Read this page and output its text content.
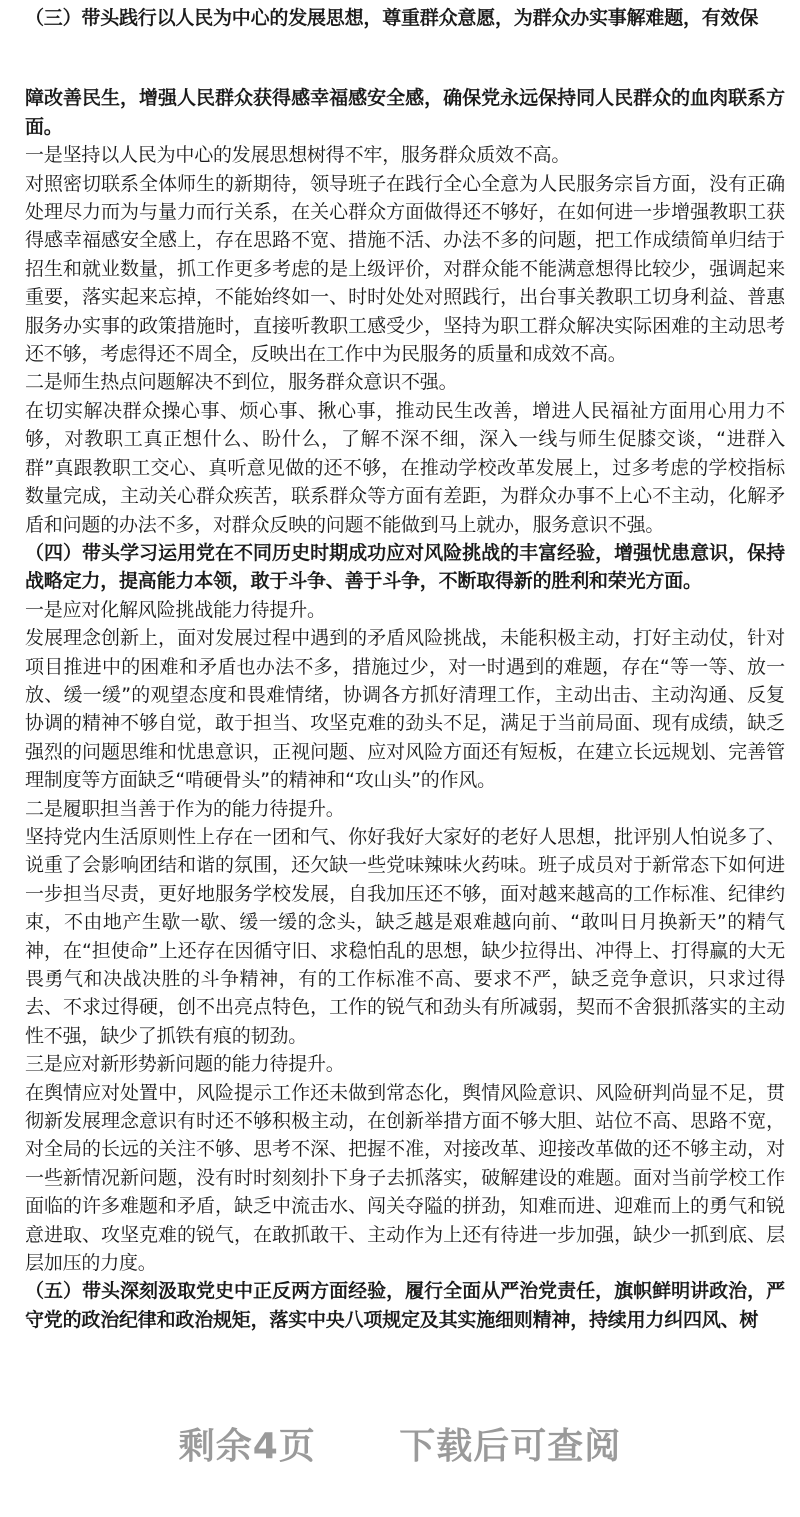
（三）带头践行以人民为中心的发展思想，尊重群众意愿，为群众办实事解难题，有效保

障改善民生，增强人民群众获得感幸福感安全感，确保党永远保持同人民群众的血肉联系方面。

一是坚持以人民为中心的发展思想树得不牢，服务群众质效不高。

对照密切联系全体师生的新期待，领导班子在践行全心全意为人民服务宗旨方面，没有正确处理尽力而为与量力而行关系，在关心群众方面做得还不够好，在如何进一步增强教职工获得感幸福感安全感上，存在思路不宽、措施不活、办法不多的问题，把工作成绩简单归结于招生和就业数量，抓工作更多考虑的是上级评价，对群众能不能满意想得比较少，强调起来重要，落实起来忘掉，不能始终如一、时时处处对照践行，出台事关教职工切身利益、普惠服务办实事的政策措施时，直接听教职工感受少，坚持为职工群众解决实际困难的主动思考还不够，考虑得还不周全，反映出在工作中为民服务的质量和成效不高。

二是师生热点问题解决不到位，服务群众意识不强。

在切实解决群众操心事、烦心事、揪心事，推动民生改善，增进人民福祉方面用心用力不够，对教职工真正想什么、盼什么，了解不深不细，深入一线与师生促膝交谈，“进群入群”真跟教职工交心、真听意见做的还不够，在推动学校改革发展上，过多考虑的学校指标数量完成，主动关心群众疾苦，联系群众等方面有差距，为群众办事不上心不主动，化解矛盾和问题的办法不多，对群众反映的问题不能做到马上就办，服务意识不强。

（四）带头学习运用党在不同历史时期成功应对风险挑战的丰富经验，增强忧患意识，保持战略定力，提高能力本领，敢于斗争、善于斗争，不断取得新的胜利和荣光方面。

一是应对化解风险挑战能力待提升。

发展理念创新上，面对发展过程中遇到的矛盾风险挑战，未能积极主动，打好主动仗，针对项目推进中的困难和矛盾也办法不多，措施过少，对一时遇到的难题，存在“等一等、放一放、缓一缓”的观望态度和畏难情绪，协调各方抓好清理工作，主动出击、主动沟通、反复协调的精神不够自觉，敢于担当、攻坚克难的劲头不足，满足于当前局面、现有成绩，缺乏强烈的问题思维和忧患意识，正视问题、应对风险方面还有短板，在建立长远规划、完善管理制度等方面缺乏“啃硬骨头”的精神和“攻山头”的作风。

二是履职担当善于作为的能力待提升。

坚持党内生活原则性上存在一团和气、你好我好大家好的老好人思想，批评别人怕说多了、说重了会影响团结和谐的氛围，还欠缺一些党味辣味火药味。班子成员对于新常态下如何进一步担当尽责，更好地服务学校发展，自我加压还不够，面对越来越高的工作标准、纪律约束，不由地产生歇一歇、缓一缓的念头，缺乏越是艰难越向前、“敢叫日月换新天”的精气神，在“担使命”上还存在因循守旧、求稳怕乱的思想，缺少拉得出、冲得上、打得赢的大无畏勇气和决战决胜的斗争精神，有的工作标准不高、要求不严，缺乏竞争意识，只求过得去、不求过得硬，创不出亮点特色，工作的锐气和劲头有所减弱，契而不舍狠抓落实的主动性不强，缺少了抓铁有痕的韧劲。

三是应对新形势新问题的能力待提升。

在舆情应对处置中，风险提示工作还未做到常态化，舆情风险意识、风险研判尚显不足，贯彻新发展理念意识有时还不够积极主动，在创新举措方面不够大胆、站位不高、思路不宽，对全局的长远的关注不够、思考不深、把握不准，对接改革、迎接改革做的还不够主动，对一些新情况新问题，没有时时刻刻扑下身子去抓落实，破解建设的难题。面对当前学校工作面临的许多难题和矛盾，缺乏中流击水、闯关夺隘的拼劲，知难而进、迎难而上的勇气和锐意进取、攻坚克难的锐气，在敢抓敢干、主动作为上还有待进一步加强，缺少一抓到底、层层加压的力度。

（五）带头深刻汲取党史中正反两方面经验，履行全面从严治党责任，旗帜鲜明讲政治，严守党的政治纪律和政治规矩，落实中央八项规定及其实施细则精神，持续用力纠四风、树

剩余4页 下载后可查阅
